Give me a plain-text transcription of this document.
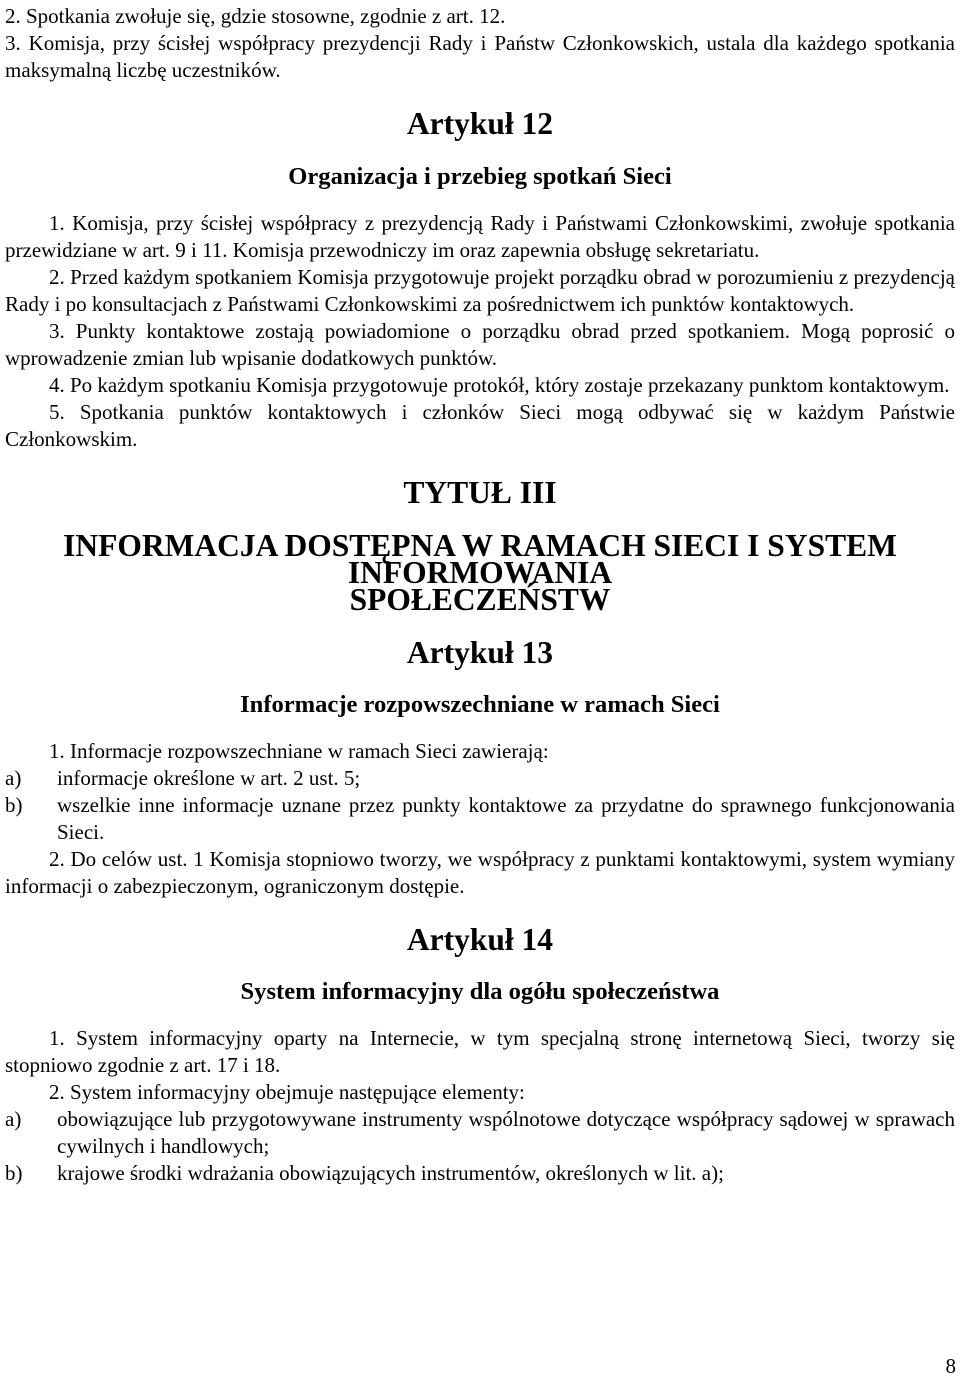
2. Spotkania zwołuje się, gdzie stosowne, zgodnie z art. 12.

3. Komisja, przy ścisłej współpracy prezydencji Rady i Państw Członkowskich, ustala dla każdego spotkania maksymalną liczbę uczestników.

Artykuł 12
Organizacja i przebieg spotkań Sieci

1. Komisja, przy ścisłej współpracy z prezydencją Rady i Państwami Członkowskimi, zwołuje spotkania przewidziane w art. 9 i 11. Komisja przewodniczy im oraz zapewnia obsługę sekretariatu.

2. Przed każdym spotkaniem Komisja przygotowuje projekt porządku obrad w porozumieniu z prezydencją Rady i po konsultacjach z Państwami Członkowskimi za pośrednictwem ich punktów kontaktowych.

3. Punkty kontaktowe zostają powiadomione o porządku obrad przed spotkaniem. Mogą poprosić o wprowadzenie zmian lub wpisanie dodatkowych punktów.

4. Po każdym spotkaniu Komisja przygotowuje protokół, który zostaje przekazany punktom kontaktowym.

5. Spotkania punktów kontaktowych i członków Sieci mogą odbywać się w każdym Państwie Członkowskim.

TYTUŁ III
INFORMACJA DOSTĘPNA W RAMACH SIECI I SYSTEM INFORMOWANIA
SPOŁECZEŃSTW
Artykuł 13
Informacje rozpowszechniane w ramach Sieci

1. Informacje rozpowszechniane w ramach Sieci zawierają:

a)	informacje określone w art. 2 ust. 5;
b)	wszelkie inne informacje uznane przez punkty kontaktowe za przydatne do sprawnego funkcjonowania Sieci.

2. Do celów ust. 1 Komisja stopniowo tworzy, we współpracy z punktami kontaktowymi, system wymiany informacji o zabezpieczonym, ograniczonym dostępie.

Artykuł 14
System informacyjny dla ogółu społeczeństwa

1. System informacyjny oparty na Internecie, w tym specjalną stronę internetową Sieci, tworzy się stopniowo zgodnie z art. 17 i 18.

2. System informacyjny obejmuje następujące elementy:

a)	obowiązujące lub przygotowywane instrumenty wspólnotowe dotyczące współpracy sądowej w sprawach cywilnych i handlowych;
b)	krajowe środki wdrażania obowiązujących instrumentów, określonych w lit. a);
8
